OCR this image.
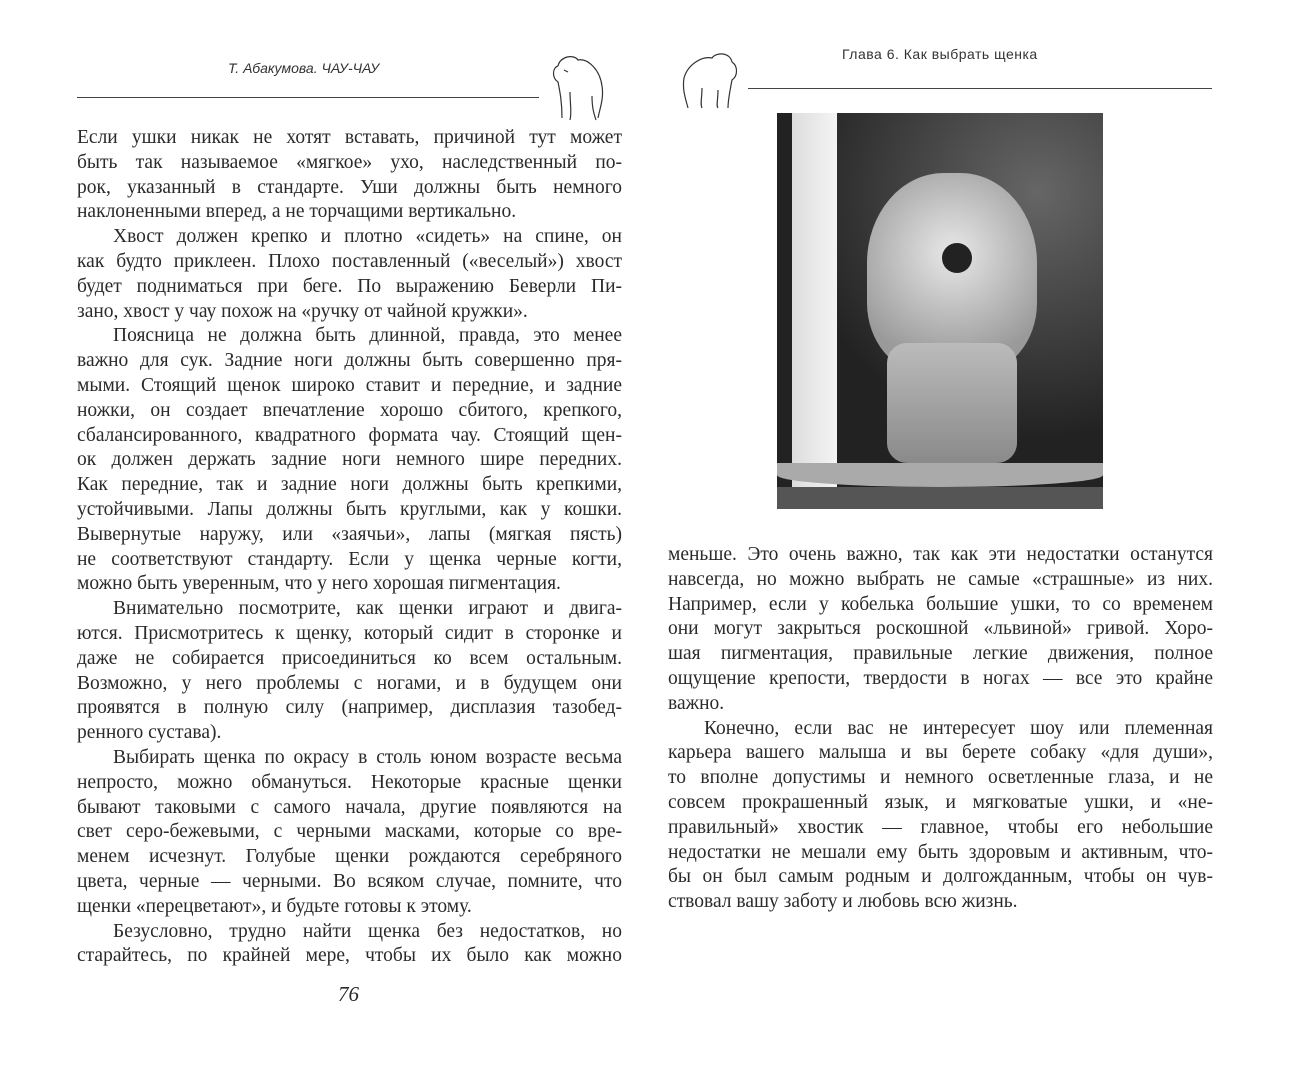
Т. Абакумова. ЧАУ-ЧАУ
Если ушки никак не хотят вставать, причиной тут может
быть так называемое «мягкое» ухо, наследственный по-
рок, указанный в стандарте. Уши должны быть немного
наклоненными вперед, а не торчащими вертикально.
Хвост должен крепко и плотно «сидеть» на спине, он
как будто приклеен. Плохо поставленный («веселый») хвост
будет подниматься при беге. По выражению Беверли Пи-
зано, хвост у чау похож на «ручку от чайной кружки».
Поясница не должна быть длинной, правда, это менее
важно для сук. Задние ноги должны быть совершенно пря-
мыми. Стоящий щенок широко ставит и передние, и задние
ножки, он создает впечатление хорошо сбитого, крепкого,
сбалансированного, квадратного формата чау. Стоящий щен-
ок должен держать задние ноги немного шире передних.
Как передние, так и задние ноги должны быть крепкими,
устойчивыми. Лапы должны быть круглыми, как у кошки.
Вывернутые наружу, или «заячьи», лапы (мягкая пясть)
не соответствуют стандарту. Если у щенка черные когти,
можно быть уверенным, что у него хорошая пигментация.
Внимательно посмотрите, как щенки играют и двига-
ются. Присмотритесь к щенку, который сидит в сторонке и
даже не собирается присоединиться ко всем остальным.
Возможно, у него проблемы с ногами, и в будущем они
проявятся в полную силу (например, дисплазия тазобед-
ренного сустава).
Выбирать щенка по окрасу в столь юном возрасте весьма
непросто, можно обмануться. Некоторые красные щенки
бывают таковыми с самого начала, другие появляются на
свет серо-бежевыми, с черными масками, которые со вре-
менем исчезнут. Голубые щенки рождаются серебряного
цвета, черные — черными. Во всяком случае, помните, что
щенки «перецветают», и будьте готовы к этому.
Безусловно, трудно найти щенка без недостатков, но
старайтесь, по крайней мере, чтобы их было как можно
76
Глава 6. Как выбрать щенка
меньше. Это очень важно, так как эти недостатки останутся
навсегда, но можно выбрать не самые «страшные» из них.
Например, если у кобелька большие ушки, то со временем
они могут закрыться роскошной «львиной» гривой. Хоро-
шая пигментация, правильные легкие движения, полное
ощущение крепости, твердости в ногах — все это крайне
важно.
Конечно, если вас не интересует шоу или племенная
карьера вашего малыша и вы берете собаку «для души»,
то вполне допустимы и немного осветленные глаза, и не
совсем прокрашенный язык, и мягковатые ушки, и «не-
правильный» хвостик — главное, чтобы его небольшие
недостатки не мешали ему быть здоровым и активным, что-
бы он был самым родным и долгожданным, чтобы он чув-
ствовал вашу заботу и любовь всю жизнь.
